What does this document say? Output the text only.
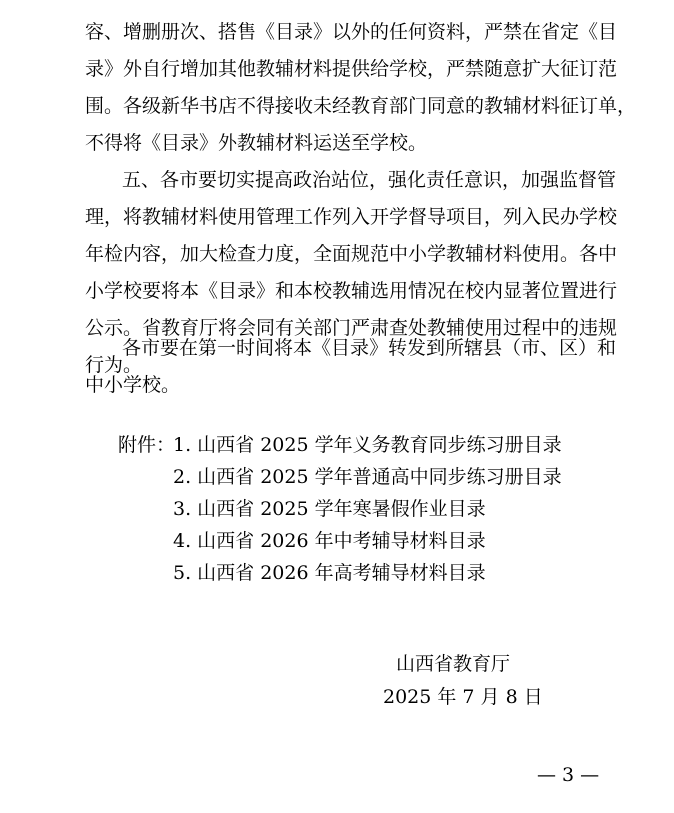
容、增删册次、搭售《目录》以外的任何资料，严禁在省定《目

录》外自行增加其他教辅材料提供给学校，严禁随意扩大征订范

围。各级新华书店不得接收未经教育部门同意的教辅材料征订单，

不得将《目录》外教辅材料运送至学校。

五、各市要切实提高政治站位，强化责任意识，加强监督管

理，将教辅材料使用管理工作列入开学督导项目，列入民办学校

年检内容，加大检查力度，全面规范中小学教辅材料使用。各中

小学校要将本《目录》和本校教辅选用情况在校内显著位置进行

公示。省教育厅将会同有关部门严肃查处教辅使用过程中的违规

行为。

各市要在第一时间将本《目录》转发到所辖县（市、区）和

中小学校。

附件：
1. 山西省 2025 学年义务教育同步练习册目录
2. 山西省 2025 学年普通高中同步练习册目录
3. 山西省 2025 学年寒暑假作业目录
4. 山西省 2026 年中考辅导材料目录
5. 山西省 2026 年高考辅导材料目录
山西省教育厅
2025 年 7 月 8 日
— 3 —
